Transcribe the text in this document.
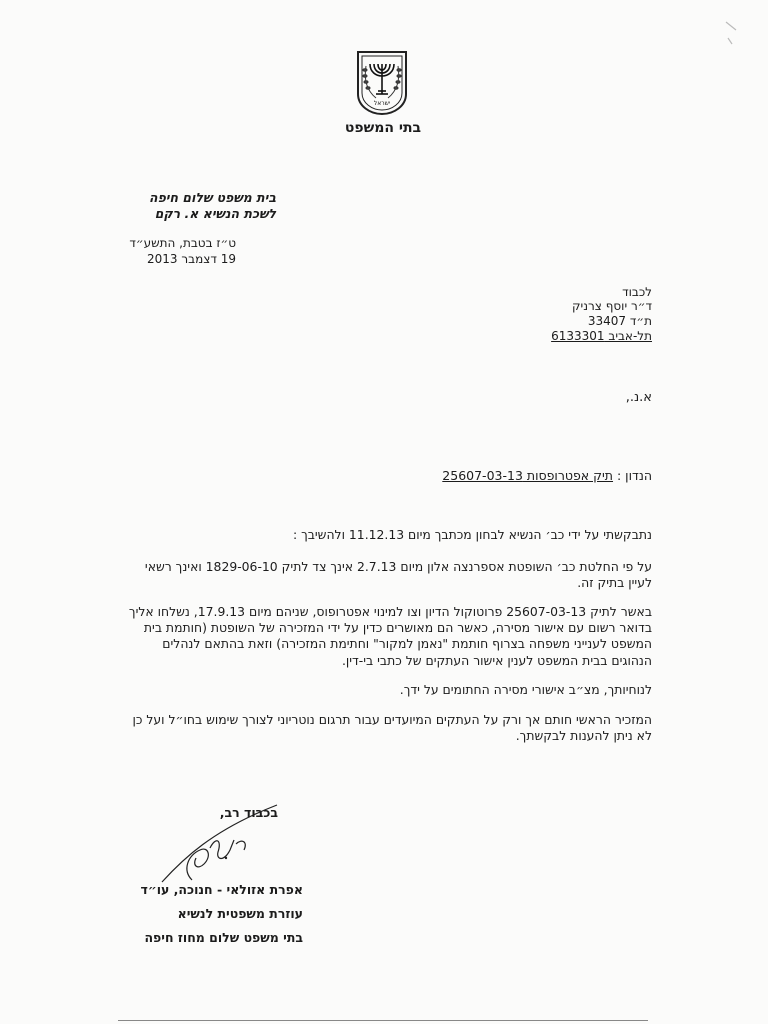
ישראל
בתי המשפט
בית משפט שלום חיפה
לשכת הנשיא א. רקם
ט״ז בטבת, התשע״ד
19 דצמבר 2013
לכבוד
ד״ר יוסף צרניק
ת״ד 33407
תל-אביב 6133301
א.נ.,
הנדון : תיק אפטרופסות 25607-03-13
נתבקשתי על ידי כב׳ הנשיא לבחון מכתבך מיום 11.12.13 ולהשיבך :
על פי החלטת כב׳ השופטת אספרנצה אלון מיום 2.7.13 אינך צד לתיק 1829-06-10 ואינך רשאי לעיין בתיק זה.
באשר לתיק 25607-03-13 פרוטוקול הדיון וצו למינוי אפטרופוס, שניהם מיום 17.9.13, נשלחו אליך בדואר רשום עם אישור מסירה, כאשר הם מאושרים כדין על ידי המזכירה של השופטת (חותמת בית המשפט לענייני משפחה בצרוף חותמת "נאמן למקור" וחתימת המזכירה) וזאת בהתאם לנהלים הנהוגים בבית המשפט לענין אישור העתקים של כתבי בי-דין.
לנוחיותך, מצ״ב אישורי מסירה החתומים על ידך.
המזכיר הראשי חותם אך ורק על העתקים המיועדים עבור תרגום נוטריוני לצורך שימוש בחו״ל ועל כן לא ניתן להענות לבקשתך.
בכבוד רב,
אפרת אזולאי - חנוכה, עו״ד
עוזרת משפטית לנשיא
בתי משפט שלום מחוז חיפה
